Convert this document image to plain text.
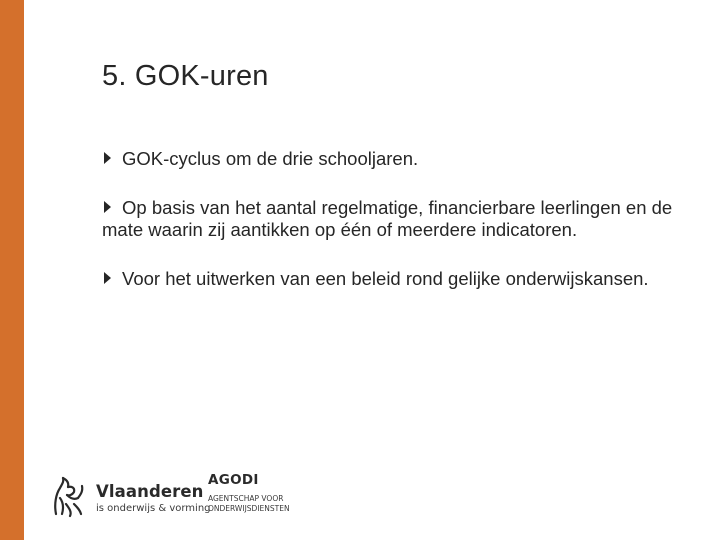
5. GOK-uren
GOK-cyclus om de drie schooljaren.
Op basis van het aantal regelmatige, financierbare leerlingen en de mate waarin zij aantikken op één of meerdere indicatoren.
Voor het uitwerken van een beleid rond gelijke onderwijskansen.
Vlaanderen
is onderwijs & vorming
AGODI
AGENTSCHAP VOOR ONDERWIJSDIENSTEN
